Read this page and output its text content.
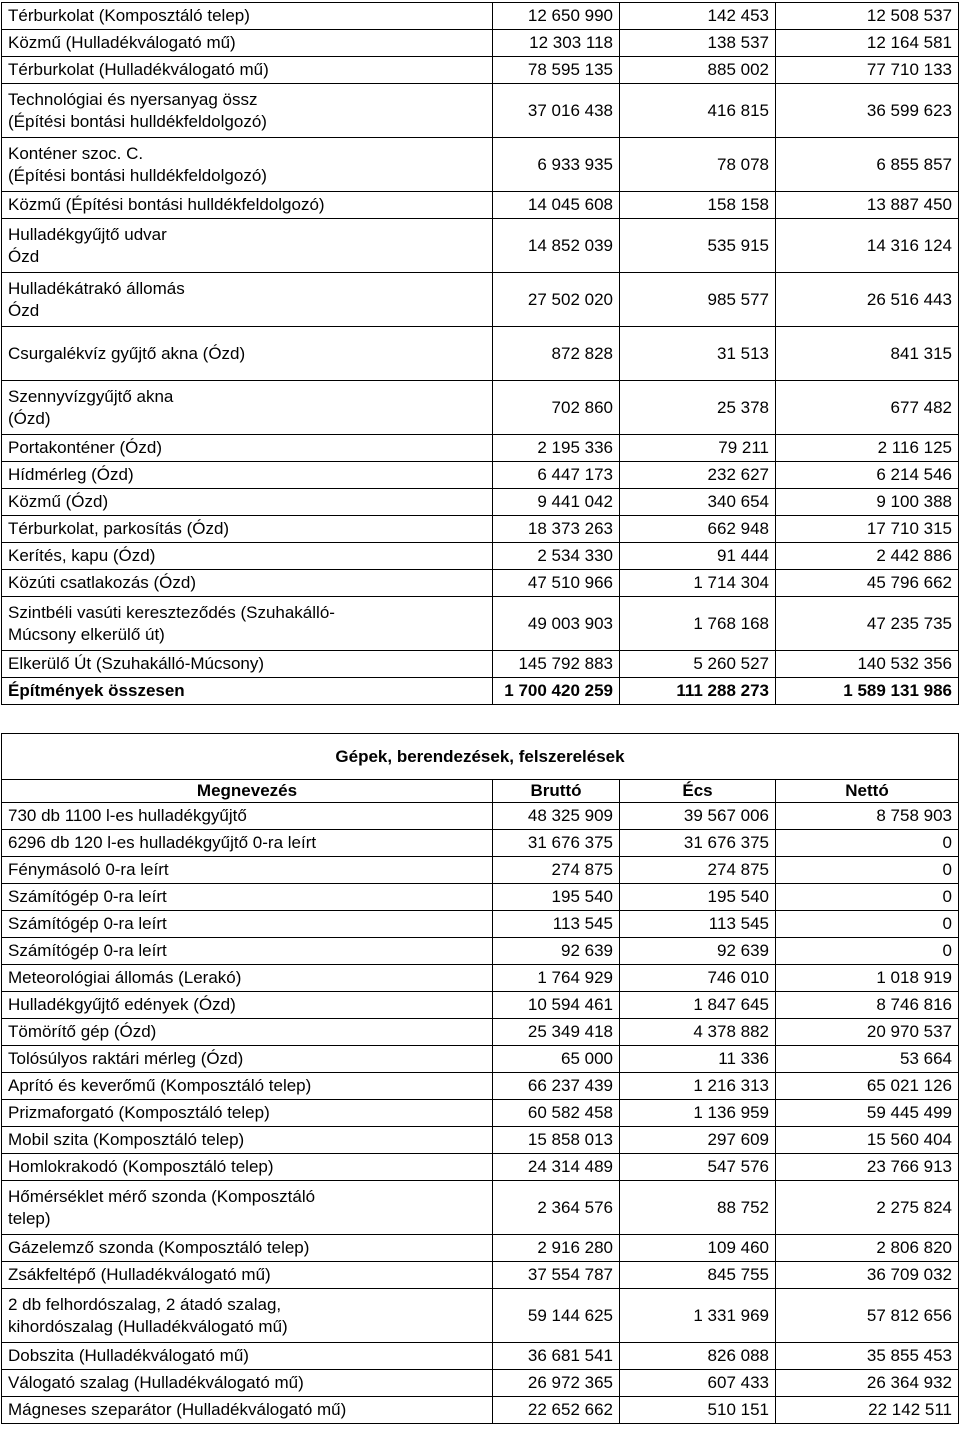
Térburkolat (Komposztáló telep)	12 650 990	142 453	12 508 537
Közmű (Hulladékválogató mű)	12 303 118	138 537	12 164 581
Térburkolat (Hulladékválogató mű)	78 595 135	885 002	77 710 133
Technológiai és nyersanyag össz
(Építési bontási hulldékfeldolgozó)	37 016 438	416 815	36 599 623
Konténer szoc. C.
(Építési bontási hulldékfeldolgozó)	6 933 935	78 078	6 855 857
Közmű (Építési bontási hulldékfeldolgozó)	14 045 608	158 158	13 887 450
Hulladékgyűjtő udvar
Ózd	14 852 039	535 915	14 316 124
Hulladékátrakó állomás
Ózd	27 502 020	985 577	26 516 443
Csurgalékvíz gyűjtő akna (Ózd)	872 828	31 513	841 315
Szennyvízgyűjtő akna
(Ózd)	702 860	25 378	677 482
Portakonténer (Ózd)	2 195 336	79 211	2 116 125
Hídmérleg (Ózd)	6 447 173	232 627	6 214 546
Közmű (Ózd)	9 441 042	340 654	9 100 388
Térburkolat, parkosítás (Ózd)	18 373 263	662 948	17 710 315
Kerítés, kapu (Ózd)	2 534 330	91 444	2 442 886
Közúti csatlakozás (Ózd)	47 510 966	1 714 304	45 796 662
Szintbéli vasúti kereszteződés (Szuhakálló-
Múcsony elkerülő út)	49 003 903	1 768 168	47 235 735
Elkerülő Út (Szuhakálló-Múcsony)	145 792 883	5 260 527	140 532 356
Építmények összesen	1 700 420 259	111 288 273	1 589 131 986
Gépek, berendezések, felszerelések			
Megnevezés	Bruttó	Écs	Nettó
730 db 1100 l-es hulladékgyűjtő	48 325 909	39 567 006	8 758 903
6296 db 120 l-es hulladékgyűjtő 0-ra leírt	31 676 375	31 676 375	0
Fénymásoló 0-ra leírt	274 875	274 875	0
Számítógép 0-ra leírt	195 540	195 540	0
Számítógép 0-ra leírt	113 545	113 545	0
Számítógép 0-ra leírt	92 639	92 639	0
Meteorológiai állomás (Lerakó)	1 764 929	746 010	1 018 919
Hulladékgyűjtő edények (Ózd)	10 594 461	1 847 645	8 746 816
Tömörítő gép (Ózd)	25 349 418	4 378 882	20 970 537
Tolósúlyos raktári mérleg (Ózd)	65 000	11 336	53 664
Aprító és keverőmű (Komposztáló telep)	66 237 439	1 216 313	65 021 126
Prizmaforgató (Komposztáló telep)	60 582 458	1 136 959	59 445 499
Mobil szita (Komposztáló telep)	15 858 013	297 609	15 560 404
Homlokrakodó (Komposztáló telep)	24 314 489	547 576	23 766 913
Hőmérséklet mérő szonda (Komposztáló
telep)	2 364 576	88 752	2 275 824
Gázelemző szonda (Komposztáló telep)	2 916 280	109 460	2 806 820
Zsákfeltépő (Hulladékválogató mű)	37 554 787	845 755	36 709 032
2 db felhordószalag, 2 átadó szalag,
kihordószalag (Hulladékválogató mű)	59 144 625	1 331 969	57 812 656
Dobszita (Hulladékválogató mű)	36 681 541	826 088	35 855 453
Válogató szalag (Hulladékválogató mű)	26 972 365	607 433	26 364 932
Mágneses szeparátor (Hulladékválogató mű)	22 652 662	510 151	22 142 511
